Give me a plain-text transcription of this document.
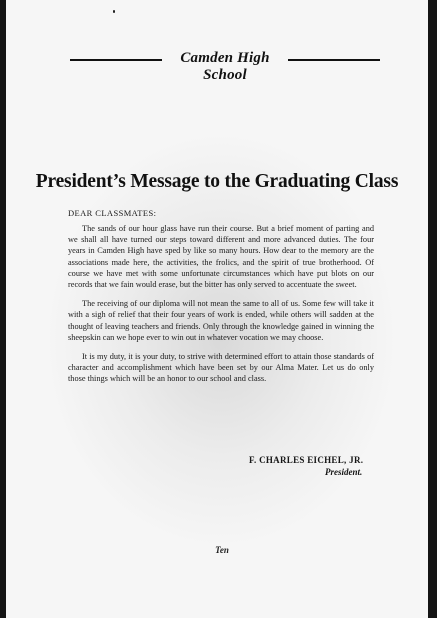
Camden High School
President’s Message to the Graduating Class
DEAR CLASSMATES:

The sands of our hour glass have run their course. But a brief moment of parting and we shall all have turned our steps toward different and more advanced duties. The four years in Camden High have sped by like so many hours. How dear to the memory are the associations made here, the activities, the frolics, and the spirit of true brotherhood. Of course we have met with some unfortunate circumstances which have put blots on our records that we fain would erase, but the bitter has only served to accentuate the sweet.

The receiving of our diploma will not mean the same to all of us. Some few will take it with a sigh of relief that their four years of work is ended, while others will sadden at the thought of leaving teachers and friends. Only through the knowledge gained in winning the sheepskin can we hope ever to win out in whatever vocation we may choose.

It is my duty, it is your duty, to strive with determined effort to attain those standards of character and accomplishment which have been set by our Alma Mater. Let us do only those things which will be an honor to our school and class.

F. CHARLES EICHEL, JR.
President.
Ten
